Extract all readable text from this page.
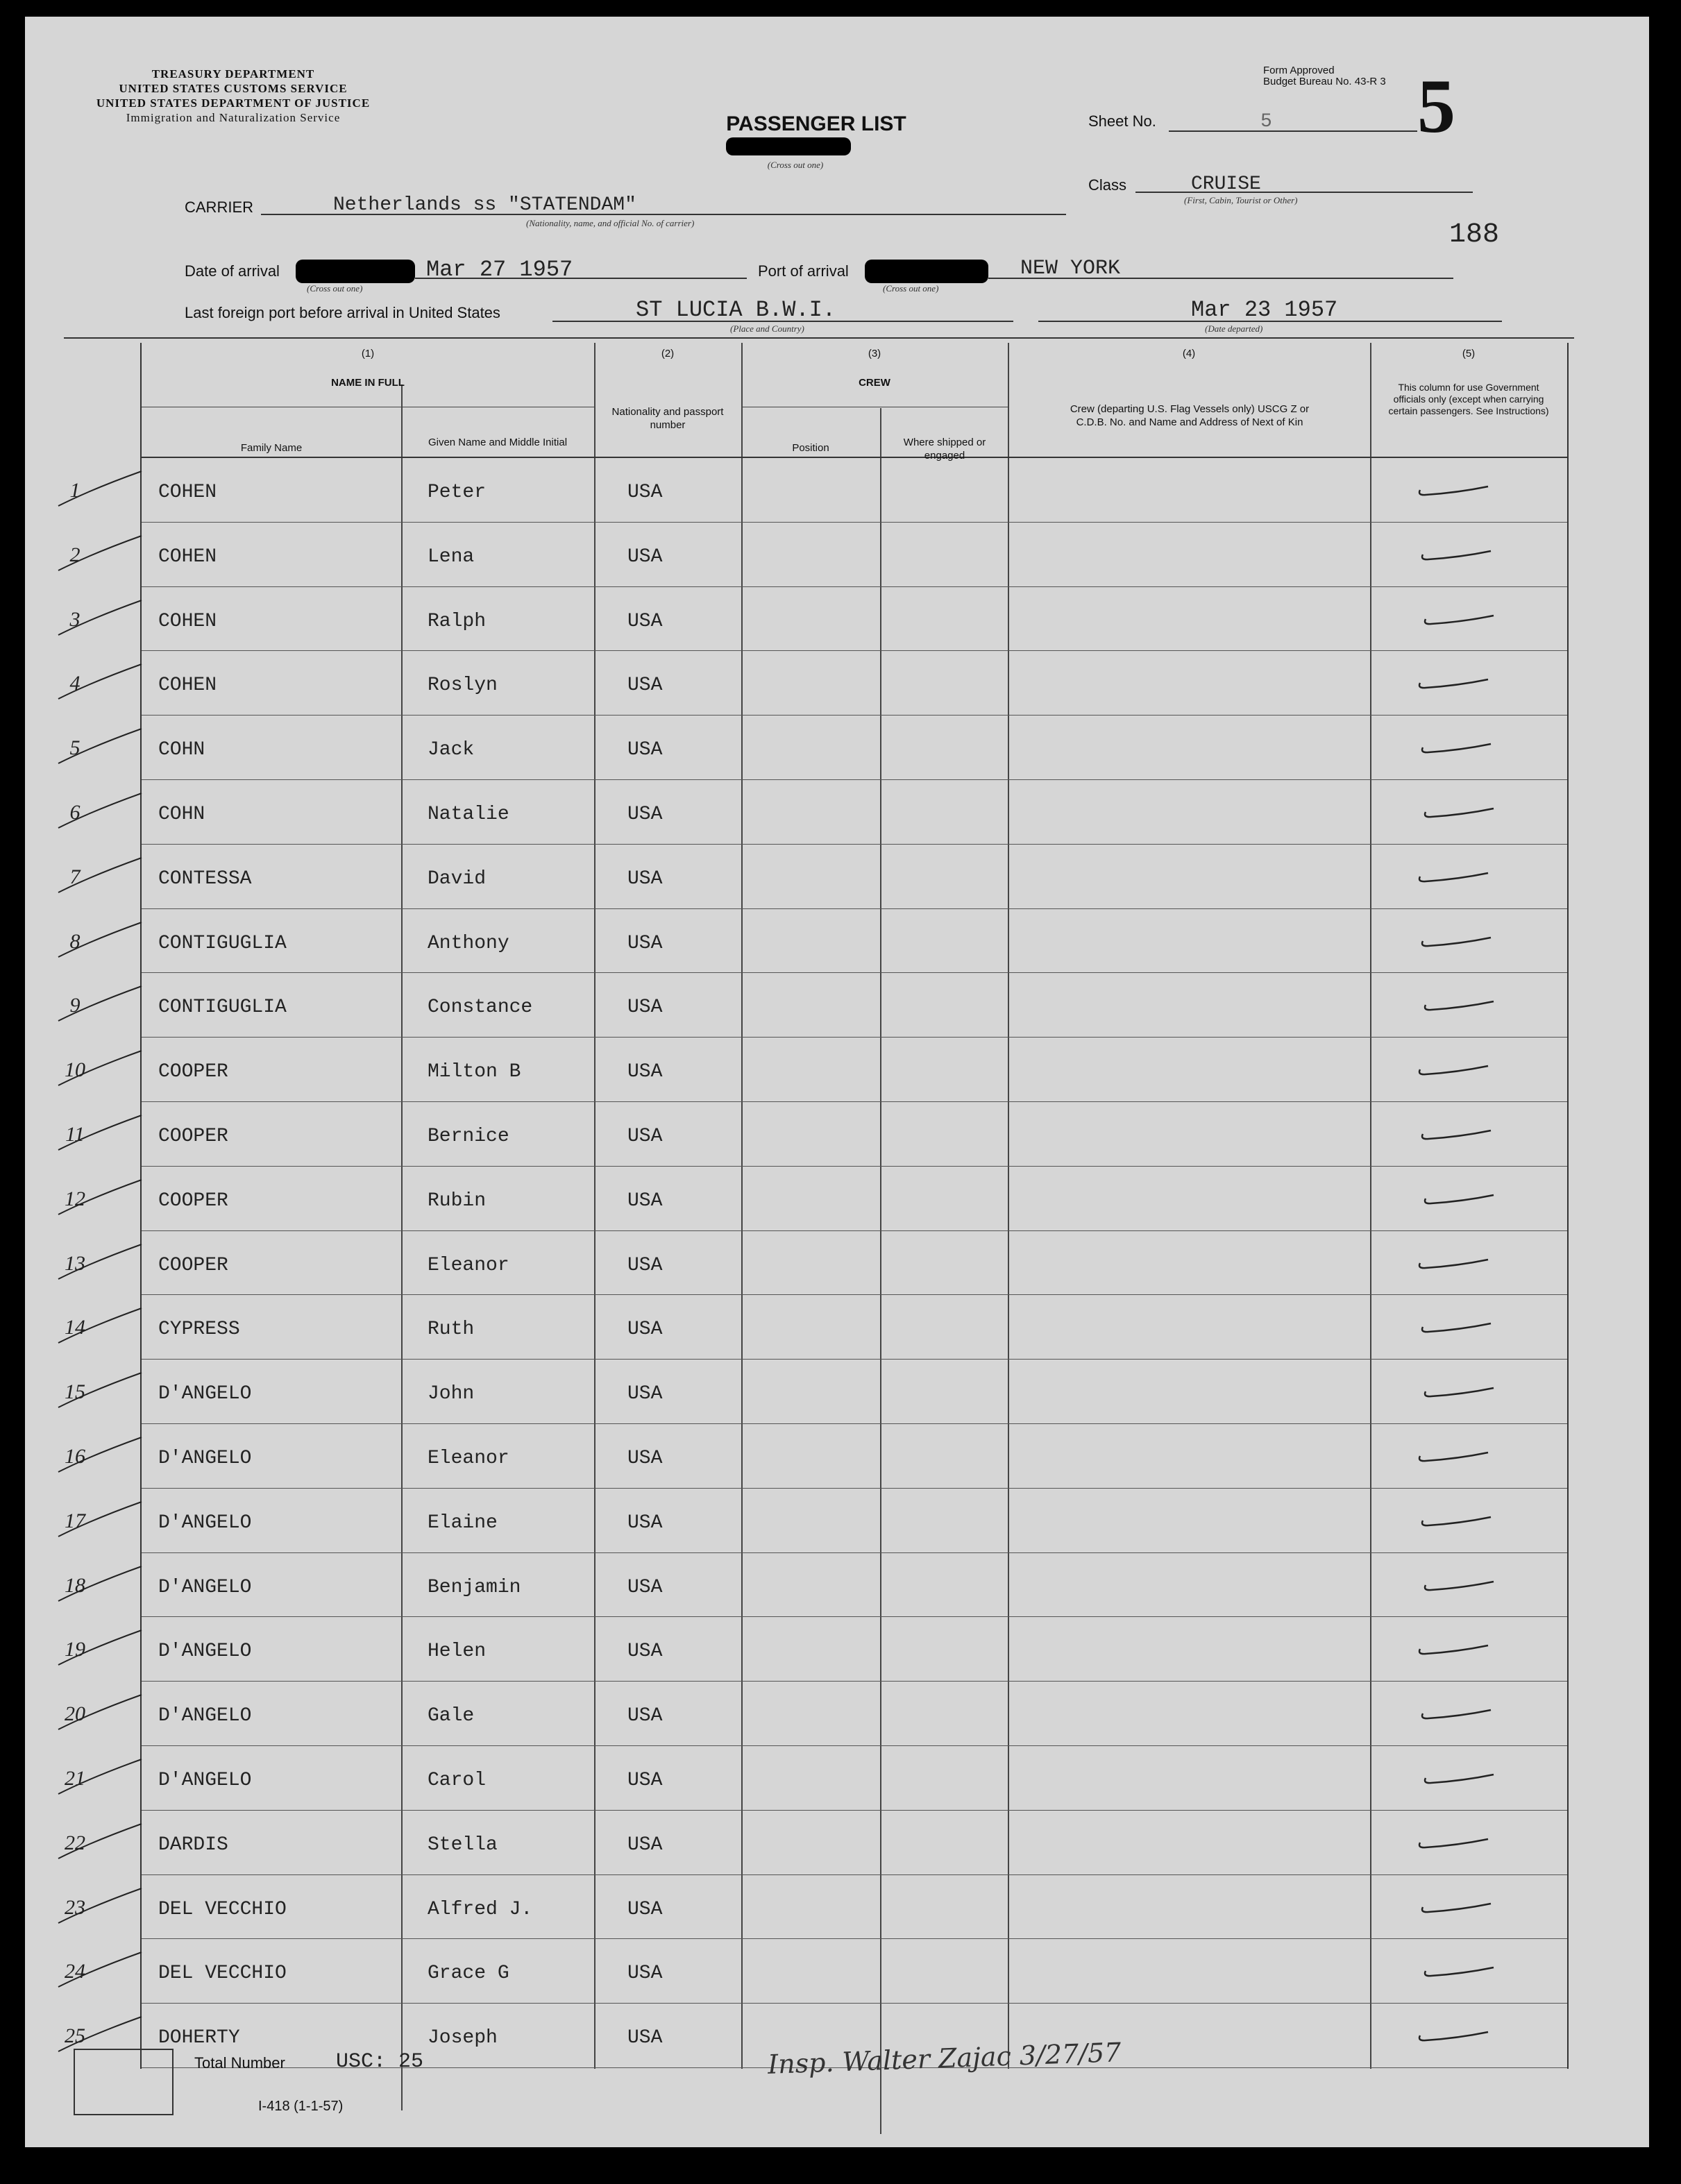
TREASURY DEPARTMENT
UNITED STATES CUSTOMS SERVICE
UNITED STATES DEPARTMENT OF JUSTICE
Immigration and Naturalization Service	PASSENGER LIST
(Cross out one)
Form Approved
Budget Bureau No. 43-R 3 5
Sheet No.	5
Class	CRUISE
(First, Cabin, Tourist or Other)
188
CARRIER	Netherlands ss "STATENDAM"
(Nationality, name, and official No. of carrier)
Date of arrival
(Cross out one)
Mar 27 1957	Port of arrival
(Cross out one)
NEW YORK
Last foreign port before arrival in United States	ST LUCIA B.W.I.
(Place and Country)
Mar 23 1957
(Date departed)
(1)
NAME IN FULL
Family Name	Given Name and Middle Initial
(2)
Nationality and passport number
(3)
CREW
Position	Where shipped or engaged
(4)
Crew (departing U.S. Flag Vessels only) USCG Z or C.D.B. No. and Name and Address of Next of Kin
(5)
This column for use Government officials only (except when carrying certain passengers. See Instructions)
1	COHEN	Peter	USA
2	COHEN	Lena	USA
3	COHEN	Ralph	USA
4	COHEN	Roslyn	USA
5	COHN	Jack	USA
6	COHN	Natalie	USA
7	CONTESSA	David	USA
8	CONTIGUGLIA	Anthony	USA
9	CONTIGUGLIA	Constance	USA
10	COOPER	Milton B	USA
11	COOPER	Bernice	USA
12	COOPER	Rubin	USA
13	COOPER	Eleanor	USA
14	CYPRESS	Ruth	USA
15	D'ANGELO	John	USA
16	D'ANGELO	Eleanor	USA
17	D'ANGELO	Elaine	USA
18	D'ANGELO	Benjamin	USA
19	D'ANGELO	Helen	USA
20	D'ANGELO	Gale	USA
21	D'ANGELO	Carol	USA
22	DARDIS	Stella	USA
23	DEL VECCHIO	Alfred J.	USA
24	DEL VECCHIO	Grace G	USA
25	DOHERTY	Joseph	USA
Total Number USC: 25
I-418 (1-1-57)
Insp. Walter Zajac 3/27/57
